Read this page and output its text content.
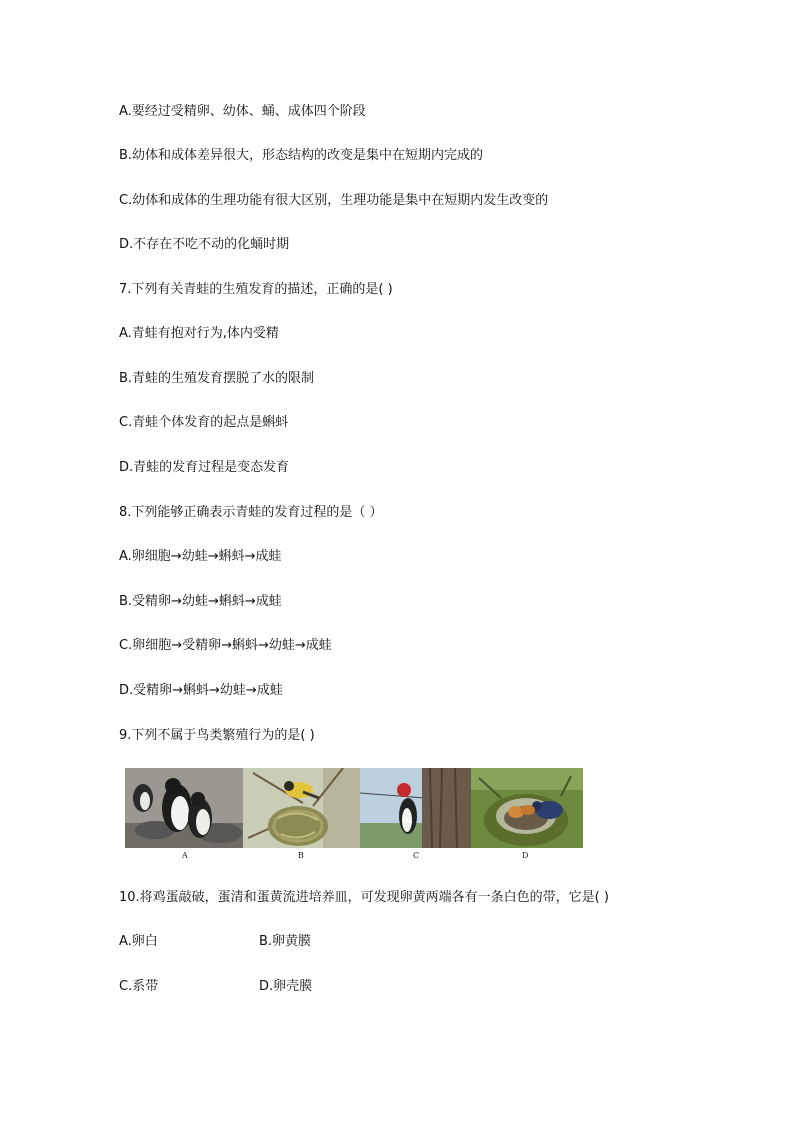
A.要经过受精卵、幼体、蛹、成体四个阶段
B.幼体和成体差异很大，形态结构的改变是集中在短期内完成的
C.幼体和成体的生理功能有很大区别，生理功能是集中在短期内发生改变的
D.不存在不吃不动的化蛹时期
7.下列有关青蛙的生殖发育的描述，正确的是( )
A.青蛙有抱对行为,体内受精
B.青蛙的生殖发育摆脱了水的限制
C.青蛙个体发育的起点是蝌蚪
D.青蛙的发育过程是变态发育
8.下列能够正确表示青蛙的发育过程的是（ ）
A.卵细胞→幼蛙→蝌蚪→成蛙
B.受精卵→幼蛙→蝌蚪→成蛙
C.卵细胞→受精卵→蝌蚪→幼蛙→成蛙
D.受精卵→蝌蚪→幼蛙→成蛙
9.下列不属于鸟类繁殖行为的是( )
A	B	C	D
10.将鸡蛋敲破，蛋清和蛋黄流进培养皿，可发现卵黄两端各有一条白色的带，它是( )
A.卵白	B.卵黄膜
C.系带	D.卵壳膜
